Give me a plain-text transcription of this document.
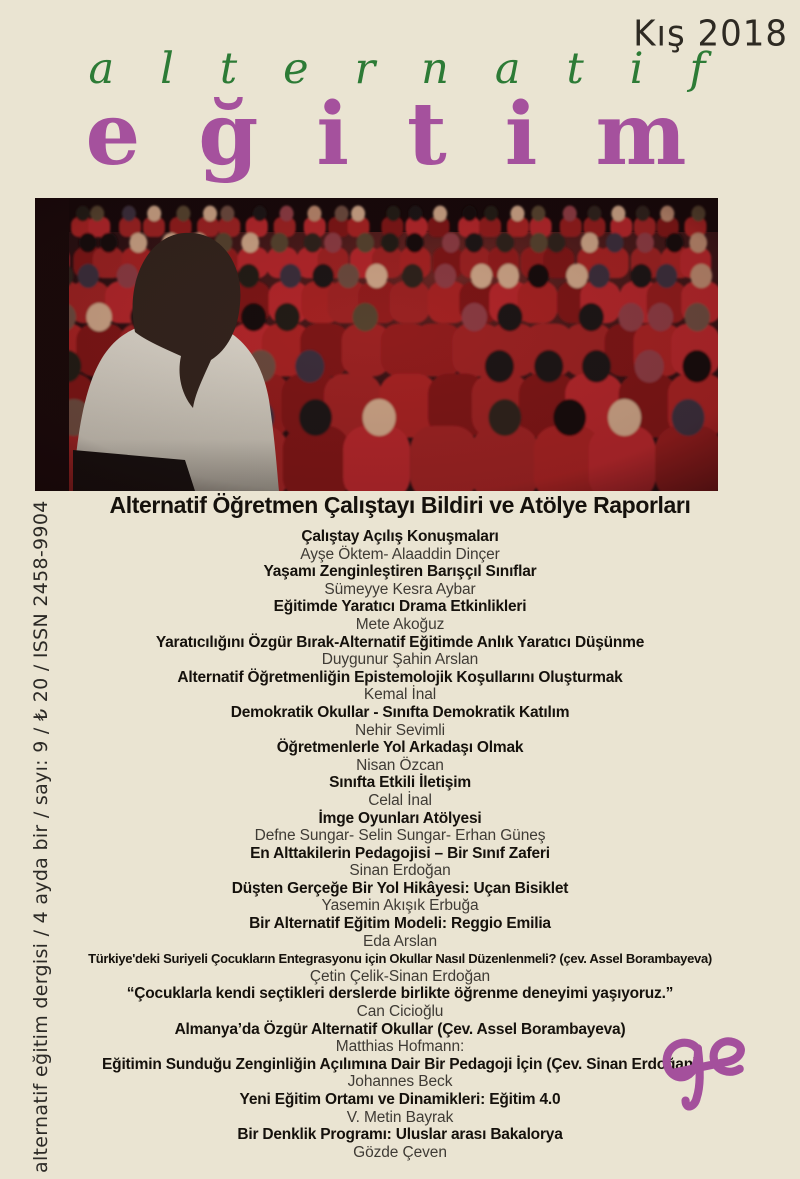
Kış 2018
alternatif
eğitim
Alternatif Öğretmen Çalıştayı Bildiri ve Atölye Raporları
Çalıştay Açılış Konuşmaları
Ayşe Öktem- Alaaddin Dinçer
Yaşamı Zenginleştiren Barışçıl Sınıflar
Sümeyye Kesra Aybar
Eğitimde Yaratıcı Drama Etkinlikleri
Mete Akoğuz
Yaratıcılığını Özgür Bırak-Alternatif Eğitimde Anlık Yaratıcı Düşünme
Duygunur Şahin Arslan
Alternatif Öğretmenliğin Epistemolojik Koşullarını Oluşturmak
Kemal İnal
Demokratik Okullar - Sınıfta Demokratik Katılım
Nehir Sevimli
Öğretmenlerle Yol Arkadaşı Olmak
Nisan Özcan
Sınıfta Etkili İletişim
Celal İnal
İmge Oyunları Atölyesi
Defne Sungar- Selin Sungar- Erhan Güneş
En Alttakilerin Pedagojisi – Bir Sınıf Zaferi
Sinan Erdoğan
Düşten Gerçeğe Bir Yol Hikâyesi: Uçan Bisiklet
Yasemin Akışık Erbuğa
Bir Alternatif Eğitim Modeli: Reggio Emilia
Eda Arslan
Türkiye'deki Suriyeli Çocukların Entegrasyonu için Okullar Nasıl Düzenlenmeli? (çev. Assel Borambayeva)
Çetin Çelik-Sinan Erdoğan
“Çocuklarla kendi seçtikleri derslerde birlikte öğrenme deneyimi yaşıyoruz.”
Can Cicioğlu
Almanya’da Özgür Alternatif Okullar (Çev. Assel Borambayeva)
Matthias Hofmann:
Eğitimin Sunduğu Zenginliğin Açılımına Dair Bir Pedagoji İçin (Çev. Sinan Erdoğan)
Johannes Beck
Yeni Eğitim Ortamı ve Dinamikleri: Eğitim 4.0
V. Metin Bayrak
Bir Denklik Programı: Uluslar arası Bakalorya
Gözde Çeven
alternatif eğitim dergisi / 4 ayda bir / sayı: 9 / ₺ 20 / ISSN 2458-9904
